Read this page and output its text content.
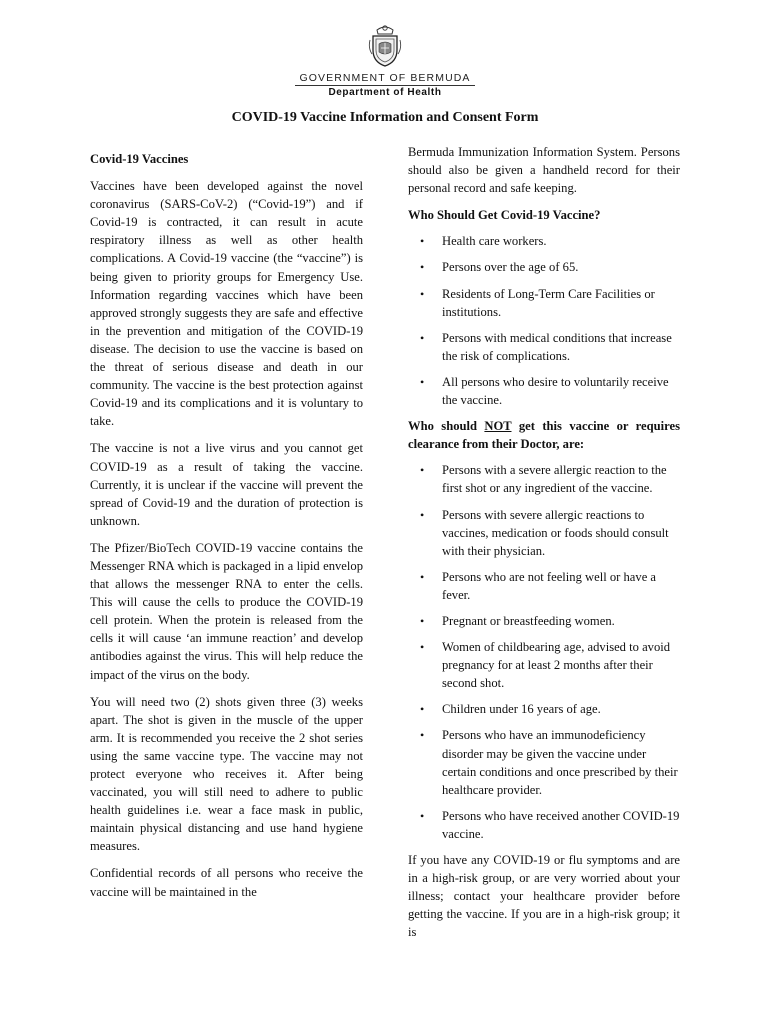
GOVERNMENT OF BERMUDA
Department of Health
COVID-19 Vaccine Information and Consent Form
Covid-19 Vaccines

Vaccines have been developed against the novel coronavirus (SARS-CoV-2) (“Covid-19”) and if Covid-19 is contracted, it can result in acute respiratory illness as well as other health complications. A Covid-19 vaccine (the “vaccine”) is being given to priority groups for Emergency Use. Information regarding vaccines which have been approved strongly suggests they are safe and effective in the prevention and mitigation of the COVID-19 disease. The decision to use the vaccine is based on the threat of serious disease and death in our community. The vaccine is the best protection against Covid-19 and its complications and it is voluntary to take.

The vaccine is not a live virus and you cannot get COVID-19 as a result of taking the vaccine. Currently, it is unclear if the vaccine will prevent the spread of Covid-19 and the duration of protection is unknown.

The Pfizer/BioTech COVID-19 vaccine contains the Messenger RNA which is packaged in a lipid envelop that allows the messenger RNA to enter the cells. This will cause the cells to produce the COVID-19 cell protein. When the protein is released from the cells it will cause ‘an immune reaction’ and develop antibodies against the virus. This will help reduce the impact of the virus on the body.

You will need two (2) shots given three (3) weeks apart. The shot is given in the muscle of the upper arm. It is recommended you receive the 2 shot series using the same vaccine type. The vaccine may not protect everyone who receives it. After being vaccinated, you will still need to adhere to public health guidelines i.e. wear a face mask in public, maintain physical distancing and use hand hygiene measures.

Confidential records of all persons who receive the vaccine will be maintained in the

Bermuda Immunization Information System. Persons should also be given a handheld record for their personal record and safe keeping.

Who Should Get Covid-19 Vaccine?
• Health care workers.
• Persons over the age of 65.
• Residents of Long-Term Care Facilities or institutions.
• Persons with medical conditions that increase the risk of complications.
• All persons who desire to voluntarily receive the vaccine.
Who should NOT get this vaccine or requires clearance from their Doctor, are:
• Persons with a severe allergic reaction to the first shot or any ingredient of the vaccine.
• Persons with severe allergic reactions to vaccines, medication or foods should consult with their physician.
• Persons who are not feeling well or have a fever.
• Pregnant or breastfeeding women.
• Women of childbearing age, advised to avoid pregnancy for at least 2 months after their second shot.
• Children under 16 years of age.
• Persons who have an immunodeficiency disorder may be given the vaccine under certain conditions and once prescribed by their healthcare provider.
• Persons who have received another COVID-19 vaccine.

If you have any COVID-19 or flu symptoms and are in a high-risk group, or are very worried about your illness; contact your healthcare provider before getting the vaccine. If you are in a high-risk group; it is
